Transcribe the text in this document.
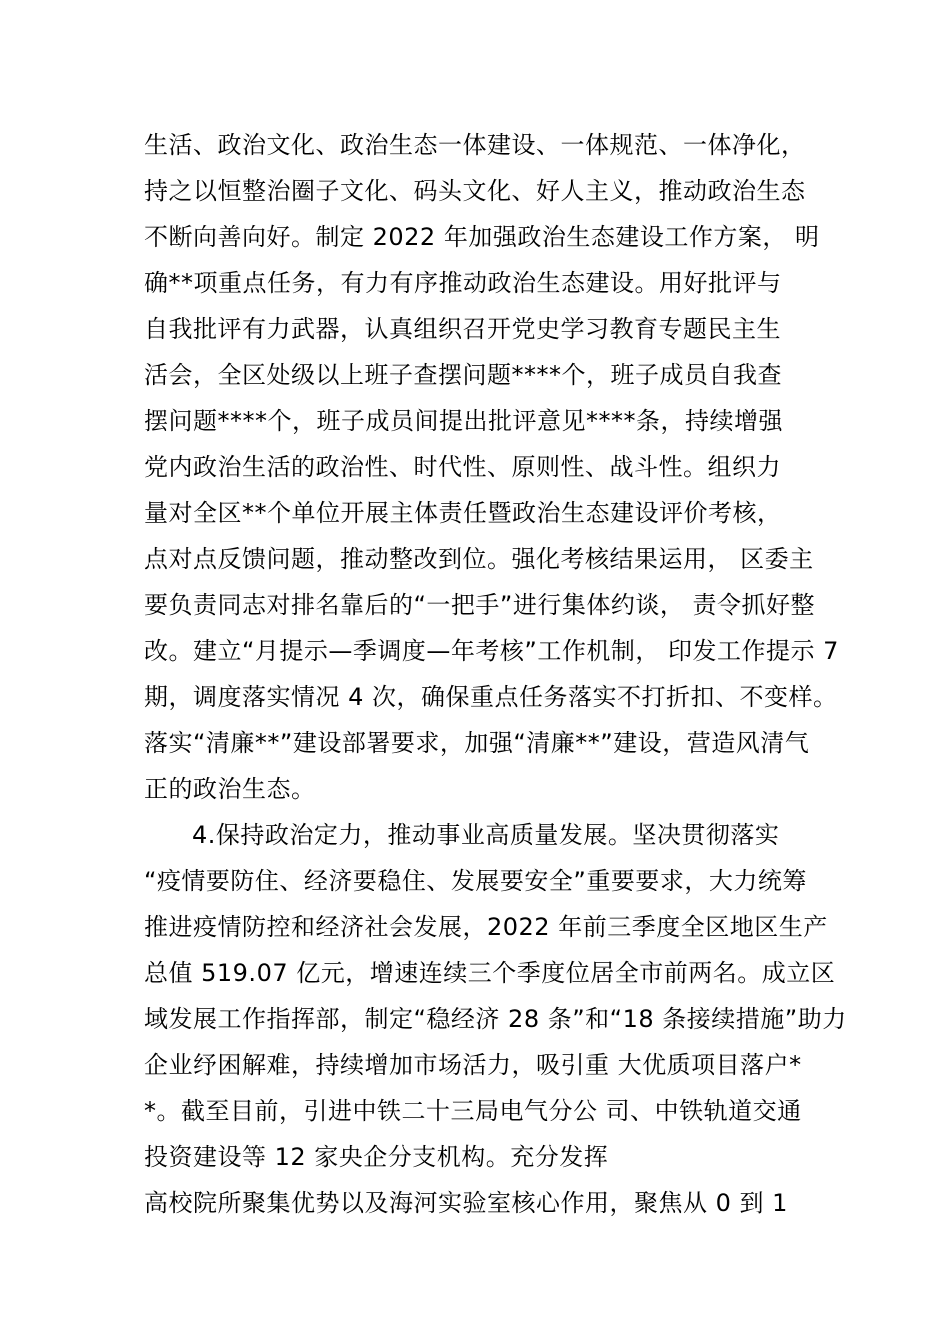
生活、政治文化、政治生态一体建设、一体规范、一体净化，
持之以恒整治圈子文化、码头文化、好人主义，推动政治生态
不断向善向好。制定 2022 年加强政治生态建设工作方案， 明
确**项重点任务，有力有序推动政治生态建设。用好批评与
自我批评有力武器，认真组织召开党史学习教育专题民主生
活会，全区处级以上班子查摆问题****个，班子成员自我查
摆问题****个，班子成员间提出批评意见****条，持续增强
党内政治生活的政治性、时代性、原则性、战斗性。组织力
量对全区**个单位开展主体责任暨政治生态建设评价考核，
点对点反馈问题，推动整改到位。强化考核结果运用， 区委主
要负责同志对排名靠后的“一把手”进行集体约谈， 责令抓好整
改。建立“月提示—季调度—年考核”工作机制， 印发工作提示 7
期，调度落实情况 4 次，确保重点任务落实不打折扣、不变样。
落实“清廉**”建设部署要求，加强“清廉**”建设，营造风清气
正的政治生态。
4.保持政治定力，推动事业高质量发展。坚决贯彻落实
“疫情要防住、经济要稳住、发展要安全”重要要求，大力统筹
推进疫情防控和经济社会发展，2022 年前三季度全区地区生产
总值 519.07 亿元，增速连续三个季度位居全市前两名。成立区
域发展工作指挥部，制定“稳经济 28 条”和“18 条接续措施”助力
企业纾困解难，持续增加市场活力，吸引重 大优质项目落户*
*。截至目前，引进中铁二十三局电气分公 司、中铁轨道交通
投资建设等 12 家央企分支机构。充分发挥
高校院所聚集优势以及海河实验室核心作用，聚焦从 0 到 1
